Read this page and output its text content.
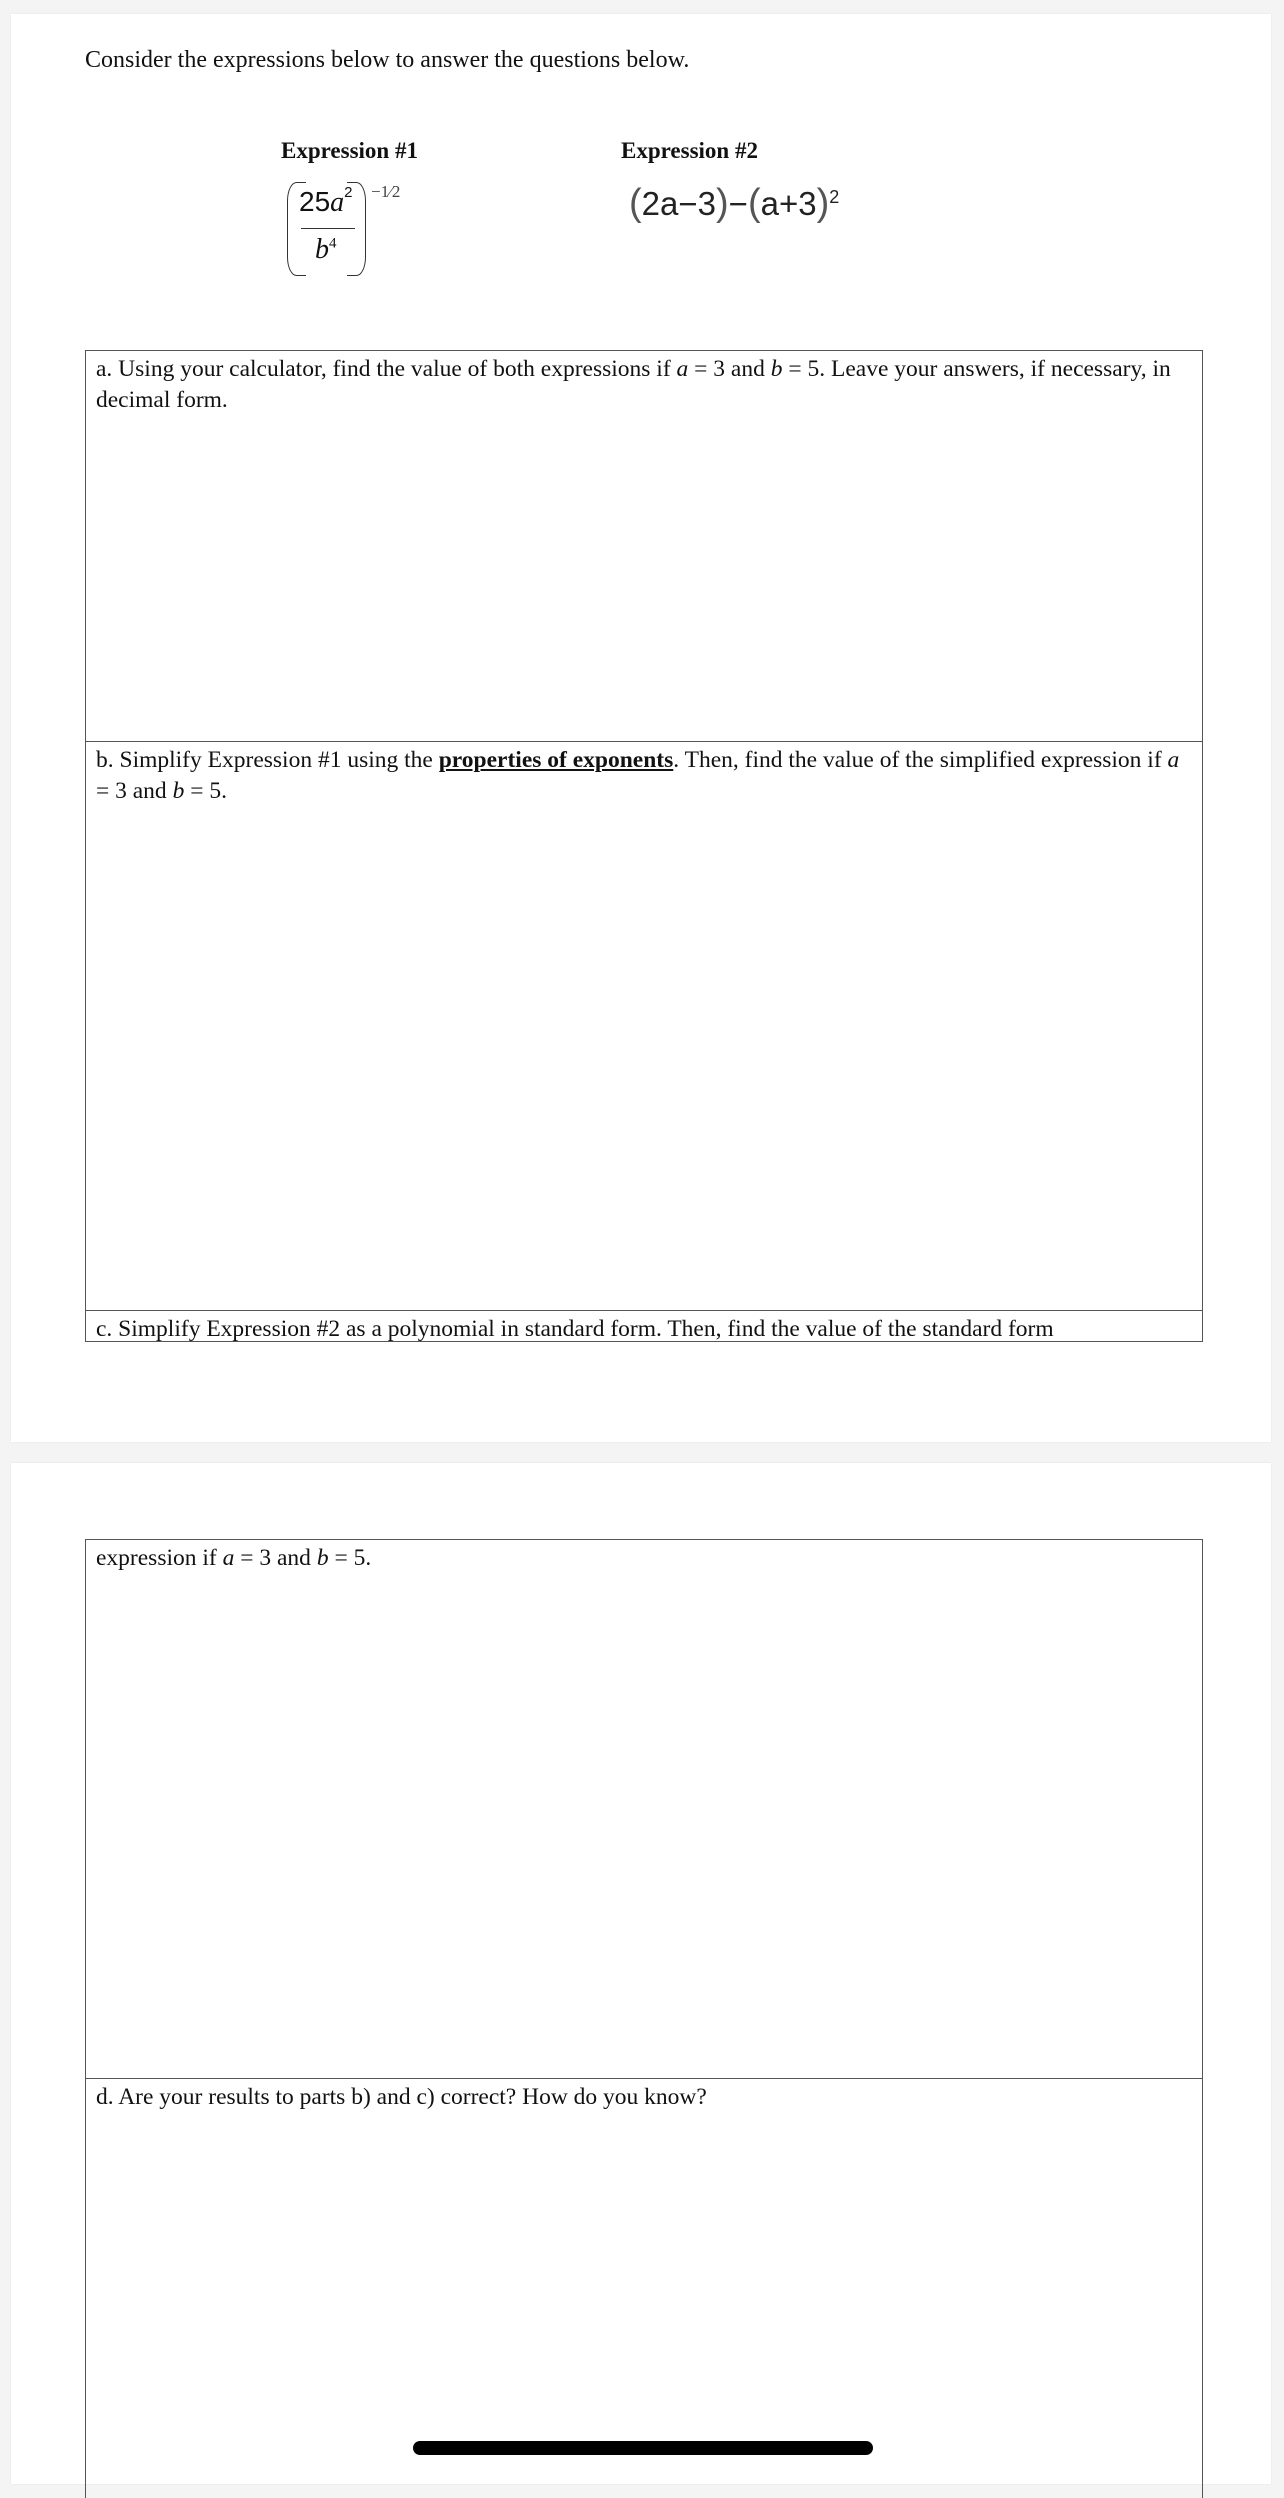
Consider the expressions below to answer the questions below.
Expression #1	Expression #2
$25a^2$
$b^4$
−1⁄2	$(2a-3)-(a+3)^2$
a. Using your calculator, find the value of both expressions if a = 3 and b = 5. Leave your answers, if necessary, in decimal form.
b. Simplify Expression #1 using the properties of exponents. Then, find the value of the simplified expression if a = 3 and b = 5.
c. Simplify Expression #2 as a polynomial in standard form. Then, find the value of the standard form
expression if a = 3 and b = 5.
d. Are your results to parts b) and c) correct? How do you know?
